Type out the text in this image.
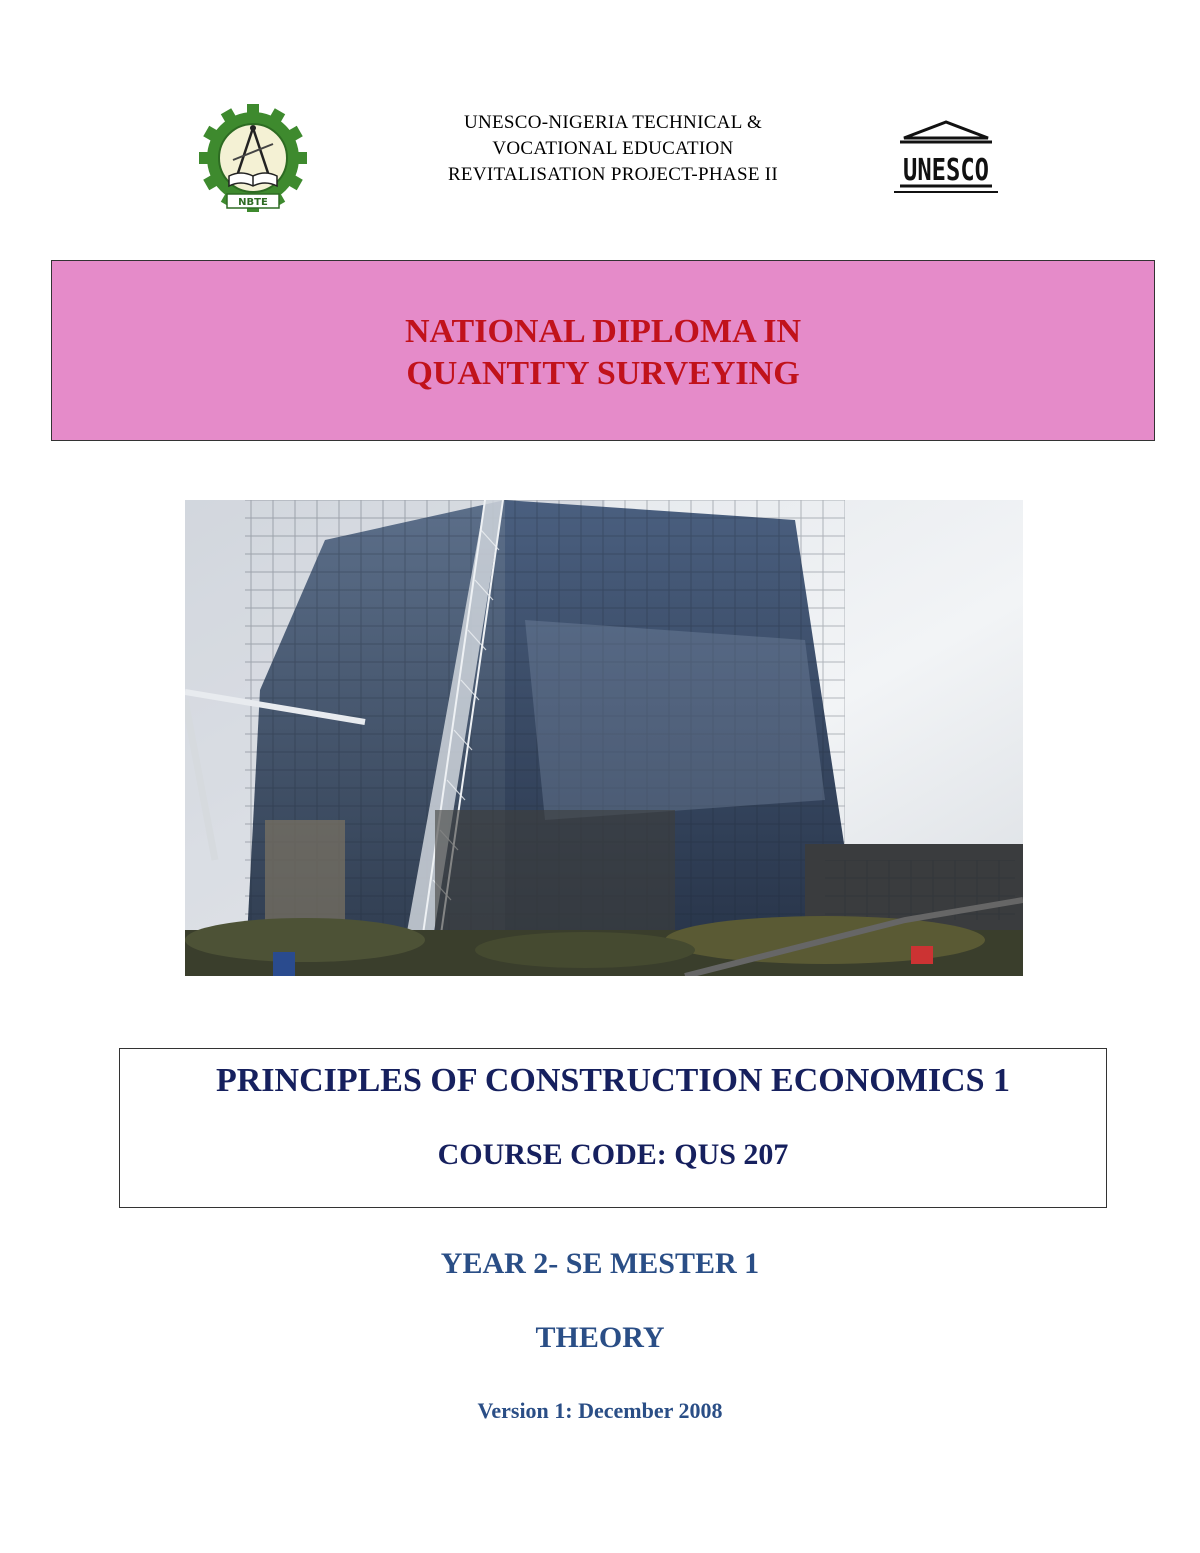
NBTE
UNESCO-NIGERIA TECHNICAL &
VOCATIONAL EDUCATION
REVITALISATION PROJECT-PHASE II	UNESCO
NATIONAL DIPLOMA IN
QUANTITY SURVEYING
PRINCIPLES OF CONSTRUCTION ECONOMICS 1
COURSE CODE: QUS 207
YEAR 2- SE MESTER 1
THEORY
Version 1: December 2008
